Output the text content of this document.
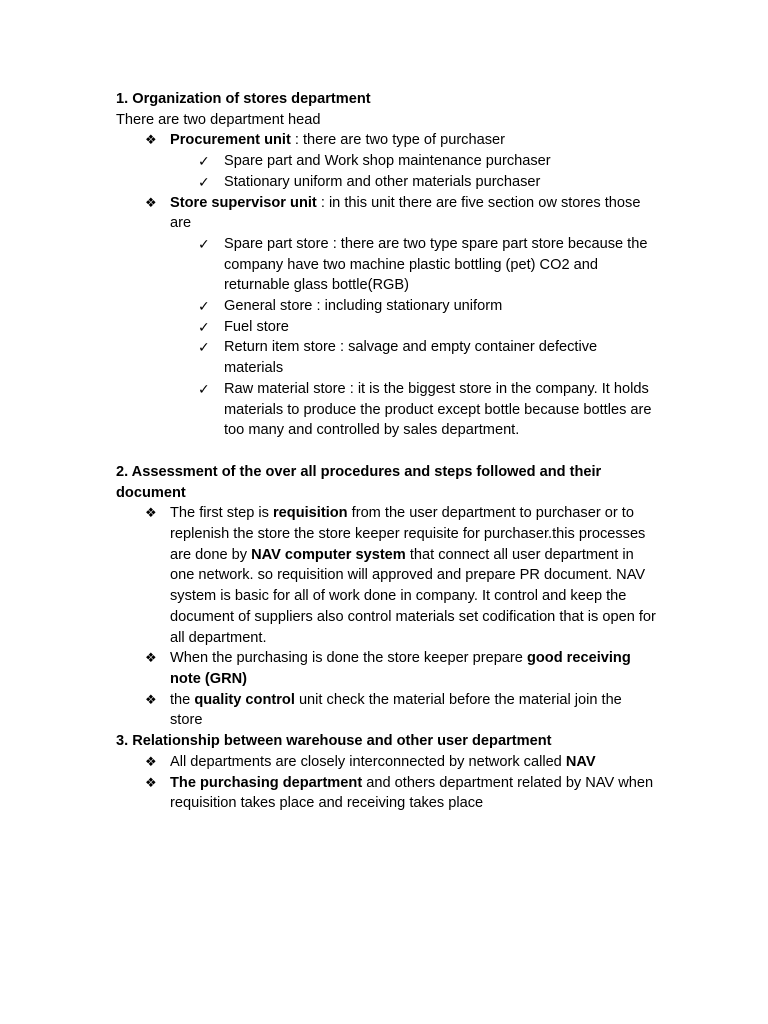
1. Organization of stores department
There are two department head
❖ Procurement unit : there are two type of purchaser
✓ Spare part and Work shop maintenance purchaser
✓ Stationary uniform and other materials purchaser
❖ Store supervisor unit : in this unit there are five section ow stores those are
✓ Spare part store : there are two type spare part store because the company have two machine plastic bottling (pet) CO2 and returnable glass bottle(RGB)
✓ General store : including stationary uniform
✓ Fuel store
✓ Return item store : salvage and empty container defective materials
✓ Raw material store : it is the biggest store in the company. It holds materials to produce the product except bottle because bottles are too many and controlled by sales department.
2. Assessment of the over all procedures and steps followed and their document
❖ The first step is requisition from the user department to purchaser or to replenish the store the store keeper requisite for purchaser.this processes are done by NAV computer system that connect all user department in one network. so requisition will approved and prepare PR document. NAV system is basic for all of work done in company. It control and keep the document of suppliers also control materials set codification that is open for all department.
❖ When the purchasing is done the store keeper prepare good receiving note (GRN)
❖ the quality control unit check the material before the material join the store
3. Relationship between warehouse and other user department
❖ All departments are closely interconnected by network called NAV
❖ The purchasing department and others department related by NAV when requisition takes place and receiving takes place
